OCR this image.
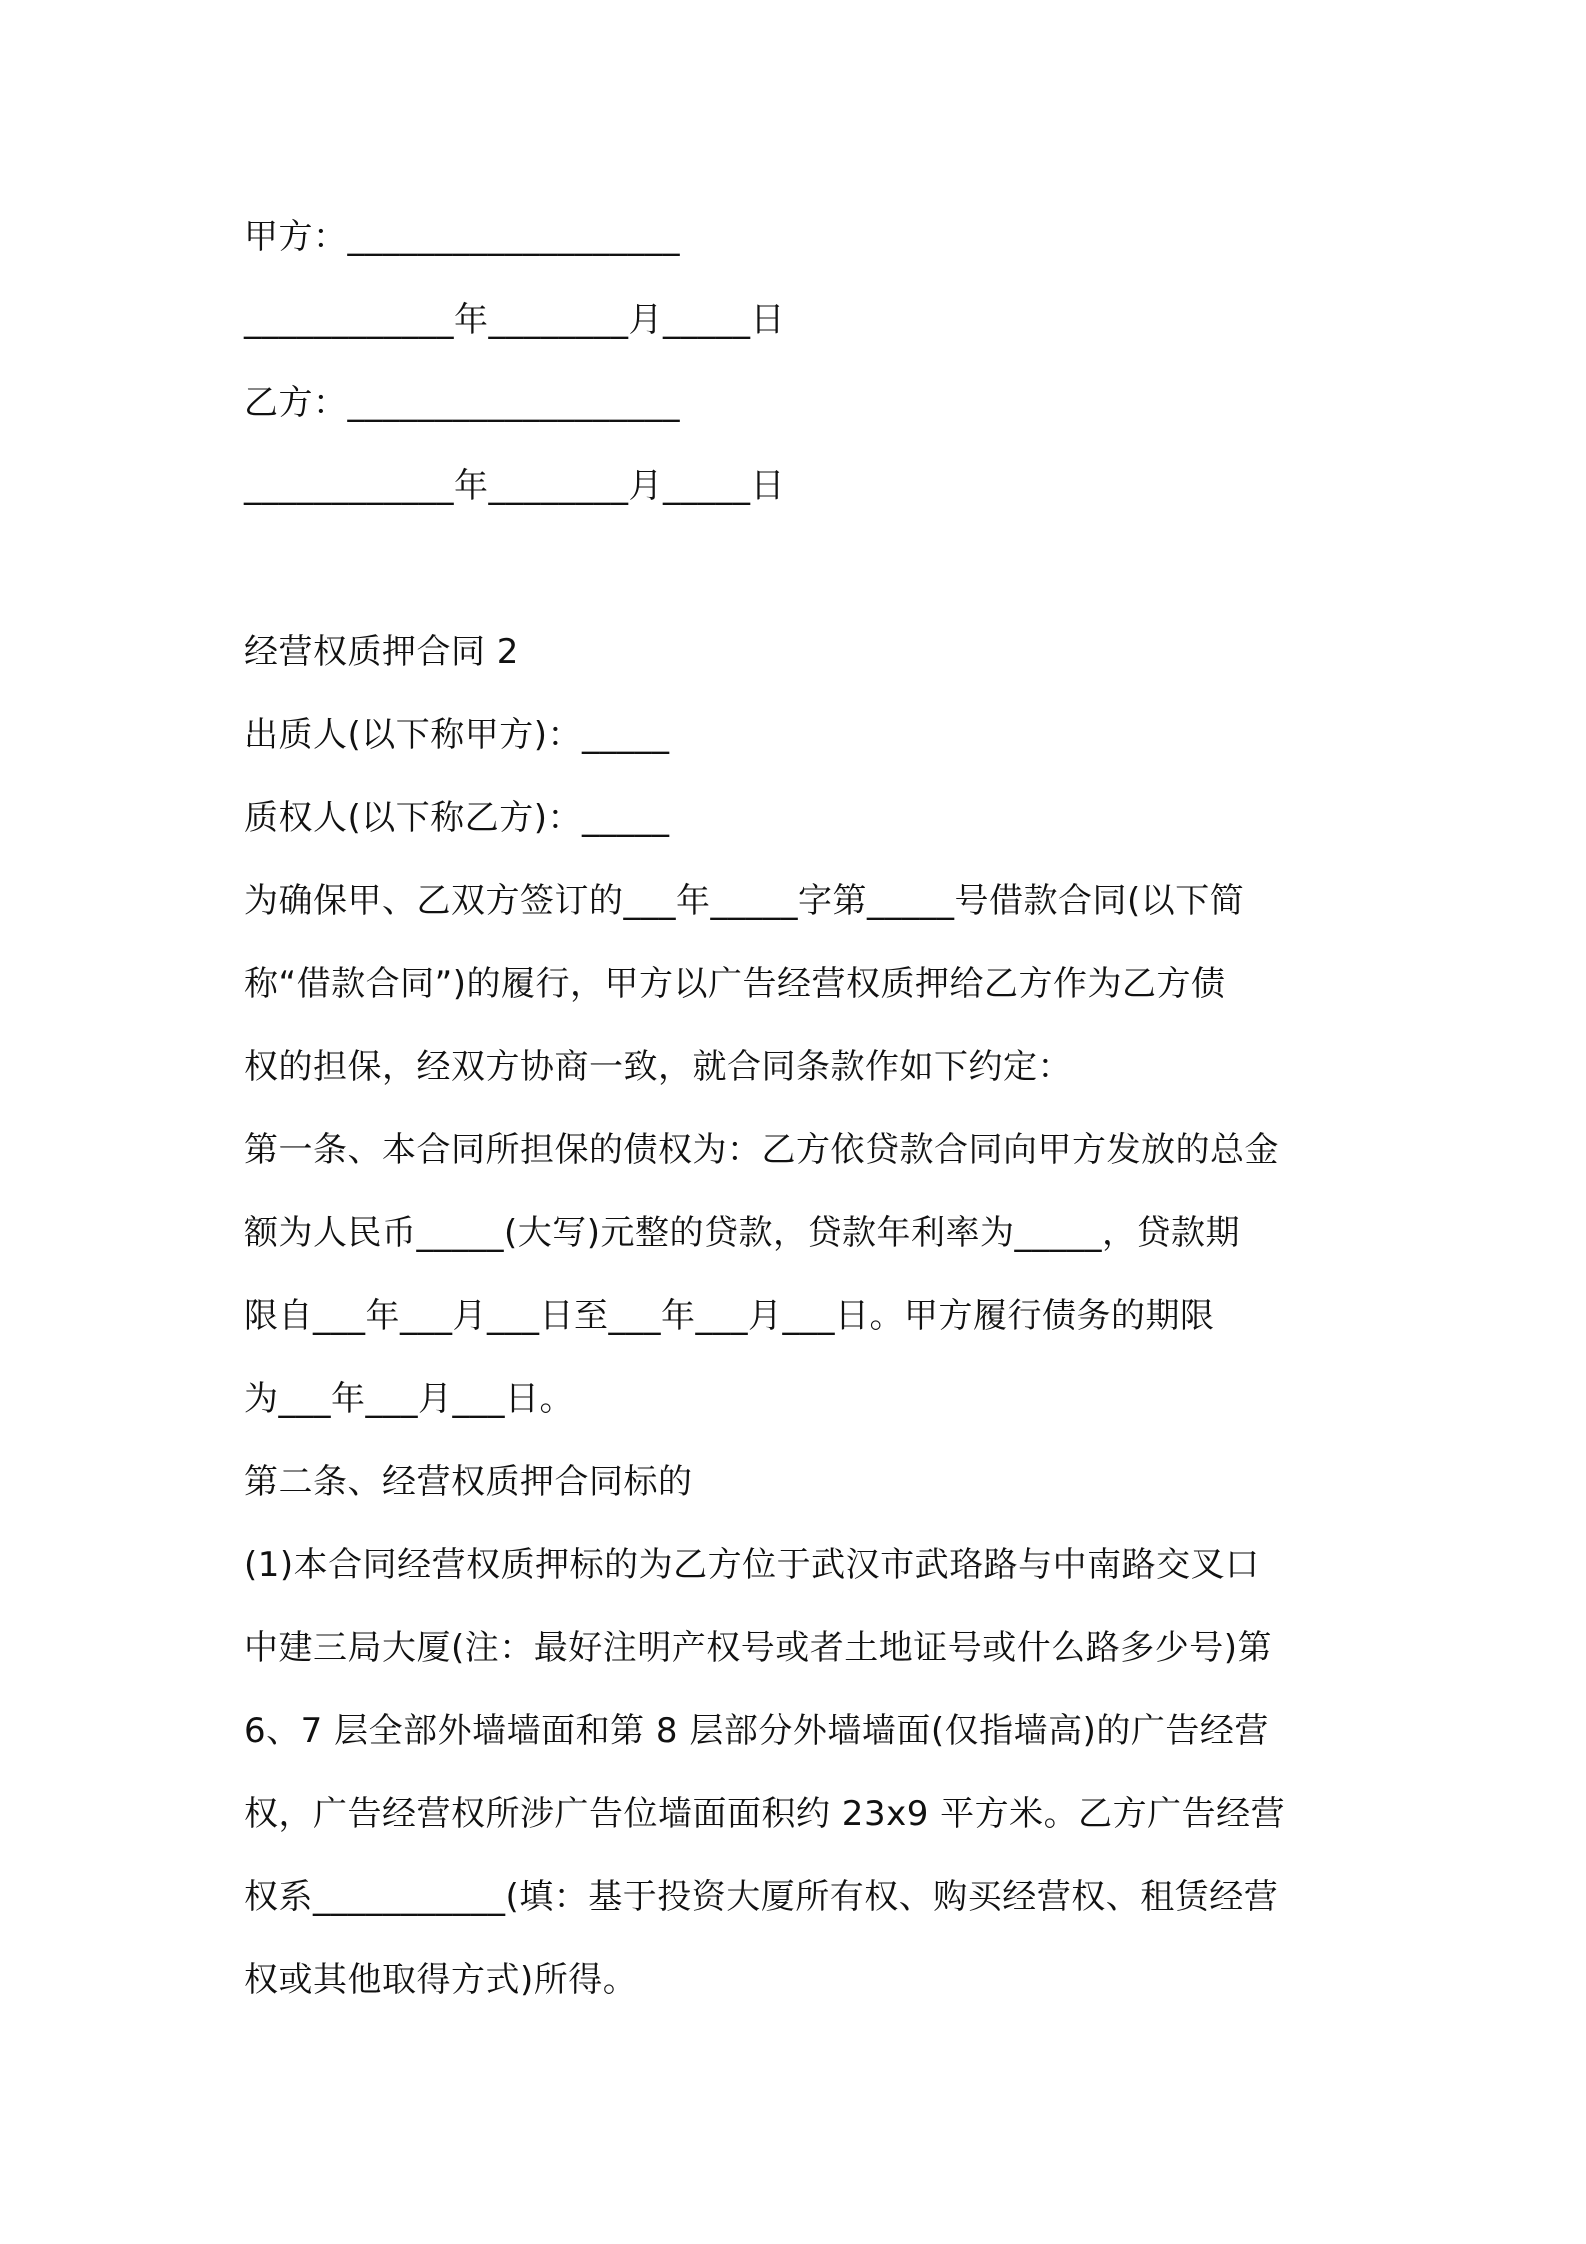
甲方：___________________
____________年________月_____日
乙方：___________________
____________年________月_____日
经营权质押合同 2
出质人(以下称甲方)：_____
质权人(以下称乙方)：_____
为确保甲、乙双方签订的___年_____字第_____号借款合同(以下简
称“借款合同”)的履行，甲方以广告经营权质押给乙方作为乙方债
权的担保，经双方协商一致，就合同条款作如下约定：
第一条、本合同所担保的债权为：乙方依贷款合同向甲方发放的总金
额为人民币_____(大写)元整的贷款，贷款年利率为_____，贷款期
限自___年___月___日至___年___月___日。甲方履行债务的期限
为___年___月___日。
第二条、经营权质押合同标的
(1)本合同经营权质押标的为乙方位于武汉市武珞路与中南路交叉口
中建三局大厦(注：最好注明产权号或者土地证号或什么路多少号)第
6、7 层全部外墙墙面和第 8 层部分外墙墙面(仅指墙高)的广告经营
权，广告经营权所涉广告位墙面面积约 23x9 平方米。乙方广告经营
权系___________(填：基于投资大厦所有权、购买经营权、租赁经营
权或其他取得方式)所得。
